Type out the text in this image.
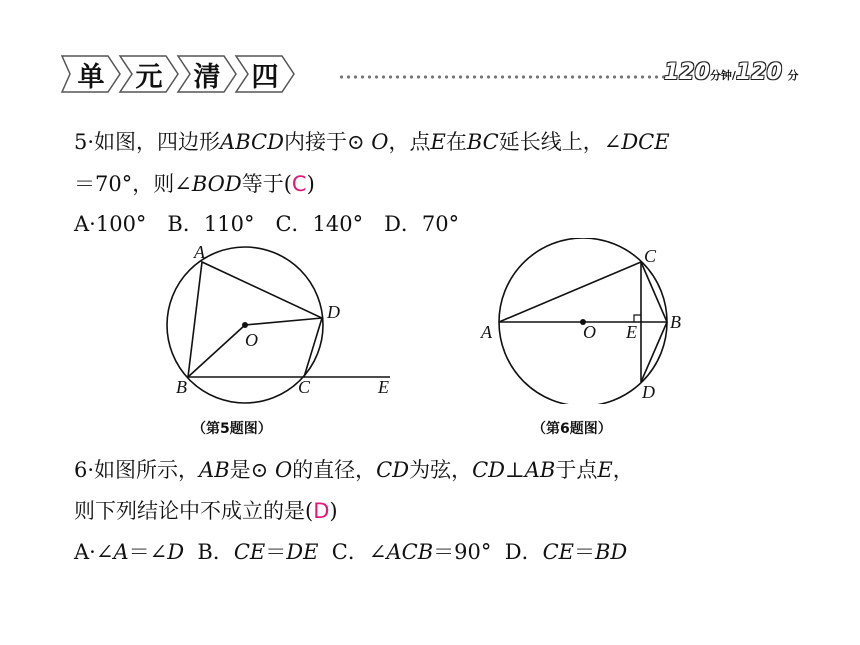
单 元 清 四	120分钟/120 分
5·如图，四边形ABCD内接于⊙ O，点E在BC延长线上，∠DCE
＝70°，则∠BOD等于(C)
A·100°　B．110°　C．140°　D．70°
A
B	C
D
E
O
（第5题图）
A	B
C
D
E
O
（第6题图）
6·如图所示，AB是⊙ O的直径，CD为弦，CD⊥AB于点E，
则下列结论中不成立的是(D)
A·∠A＝∠D B．CE＝DE C．∠ACB＝90° D．CE＝BD
